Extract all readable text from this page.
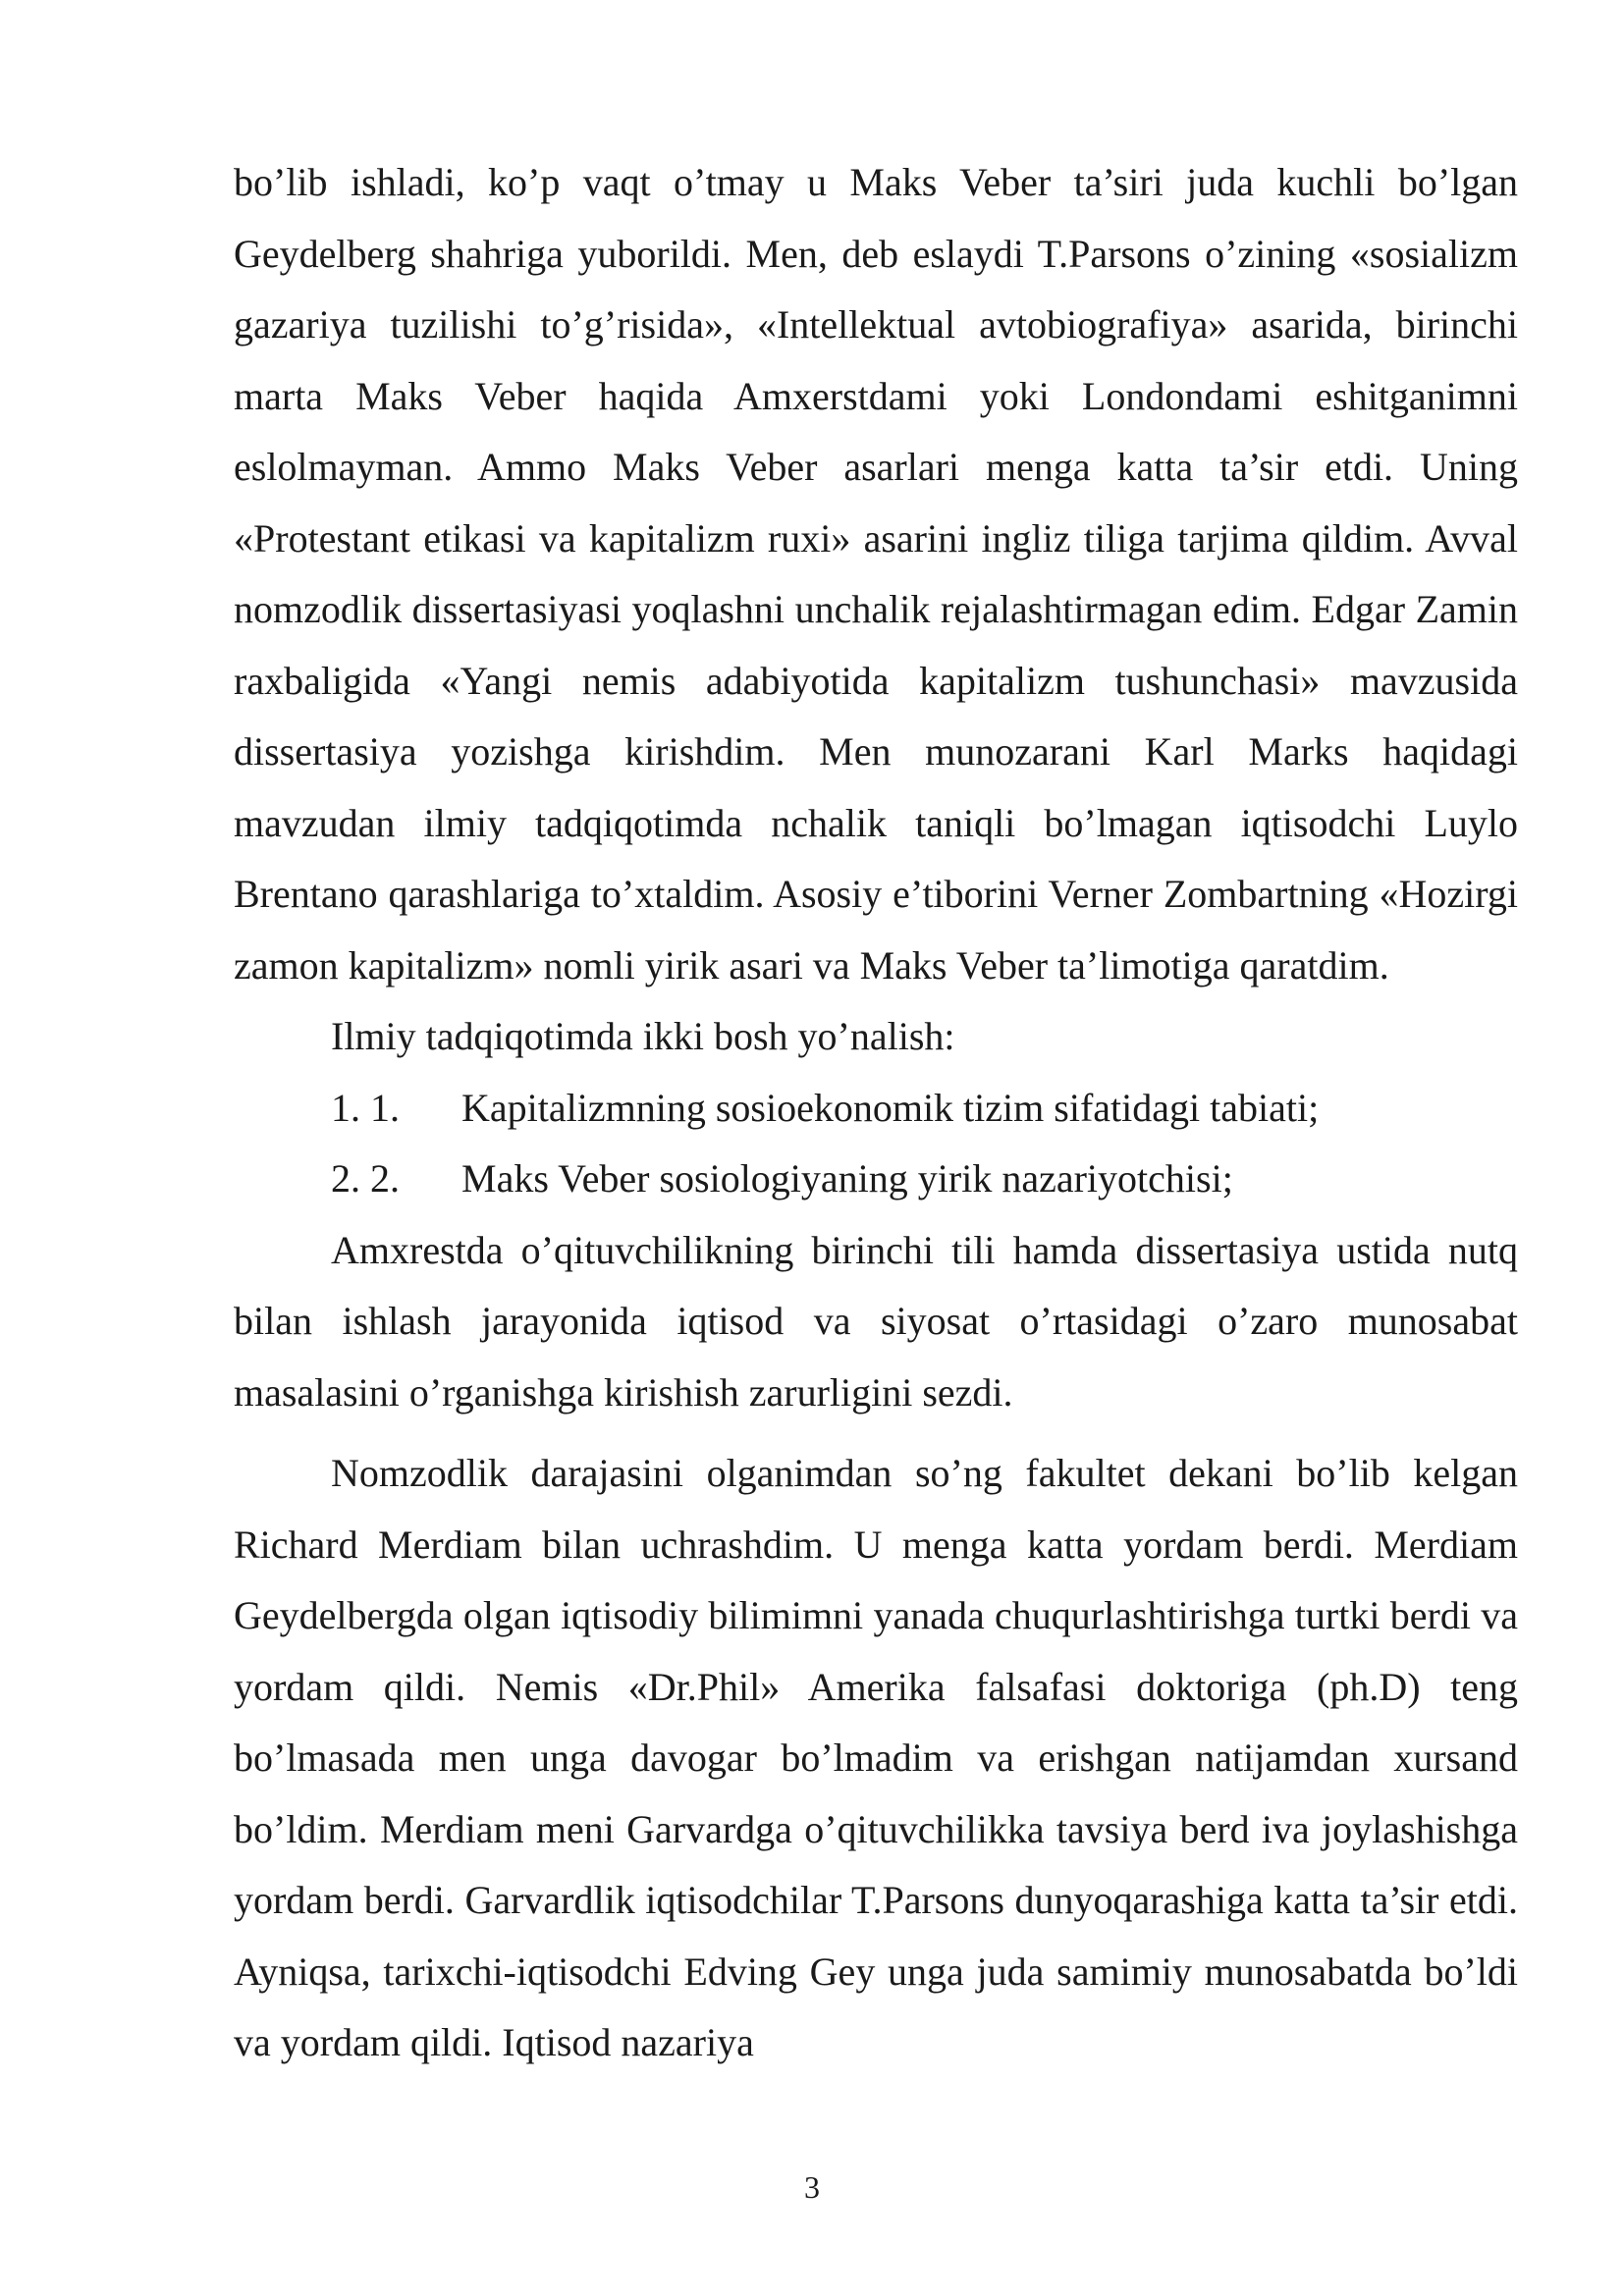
bo’lib ishladi, ko’p vaqt o’tmay u Maks Veber ta’siri juda kuchli bo’lgan Geydelberg shahriga yuborildi. Men, deb eslaydi T.Parsons o’zining «sosializm gazariya tuzilishi to’g’risida», «Intellektual avtobiografiya» asarida, birinchi marta Maks Veber haqida Amxerstdami yoki Londondami eshitganimni eslolmayman. Ammo Maks Veber asarlari menga katta ta’sir etdi. Uning «Protestant etikasi va kapitalizm ruxi» asarini ingliz tiliga tarjima qildim. Avval nomzodlik dissertasiyasi yoqlashni unchalik rejalashtirmagan edim. Edgar Zamin raxbaligida «Yangi nemis adabiyotida kapitalizm tushunchasi» mavzusida dissertasiya yozishga kirishdim. Men munozarani Karl Marks haqidagi mavzudan ilmiy tadqiqotimda nchalik taniqli bo’lmagan iqtisodchi Luylo Brentano qarashlariga to’xtaldim. Asosiy e’tiborini Verner Zombartning «Hozirgi zamon kapitalizm» nomli yirik asari va Maks Veber ta’limotiga qaratdim.

Ilmiy tadqiqotimda ikki bosh yo’nalish:

1. 1. Kapitalizmning sosioekonomik tizim sifatidagi tabiati;

2. 2. Maks Veber sosiologiyaning yirik nazariyotchisi;

Amxrestda o’qituvchilikning birinchi tili hamda dissertasiya ustida nutq bilan ishlash jarayonida iqtisod va siyosat o’rtasidagi o’zaro munosabat masalasini o’rganishga kirishish zarurligini sezdi.

Nomzodlik darajasini olganimdan so’ng fakultet dekani bo’lib kelgan Richard Merdiam bilan uchrashdim. U menga katta yordam berdi. Merdiam Geydelbergda olgan iqtisodiy bilimimni yanada chuqurlashtirishga turtki berdi va yordam qildi. Nemis «Dr.Phil» Amerika falsafasi doktoriga (ph.D) teng bo’lmasada men unga davogar bo’lmadim va erishgan natijamdan xursand bo’ldim. Merdiam meni Garvardga o’qituvchilikka tavsiya berd iva joylashishga yordam berdi. Garvardlik iqtisodchilar T.Parsons dunyoqarashiga katta ta’sir etdi. Ayniqsa, tarixchi-iqtisodchi Edving Gey unga juda samimiy munosabatda bo’ldi va yordam qildi. Iqtisod nazariya

3
